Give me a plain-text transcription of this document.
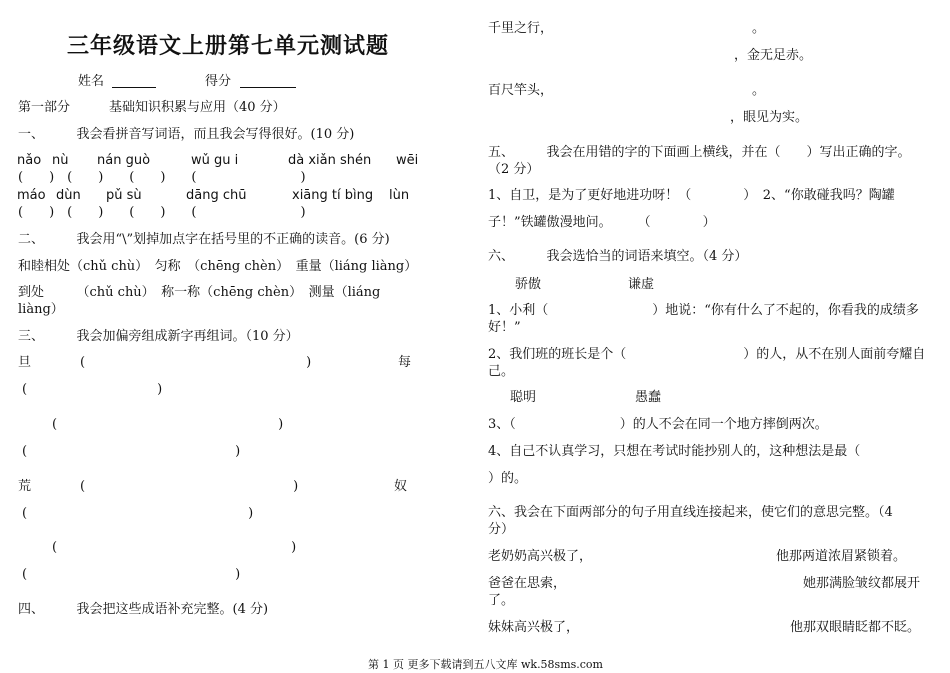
三年级语文上册第七单元测试题
姓名	得分
第一部分　　　基础知识积累与应用（40 分）
一、　　　我会看拼音写词语，而且我会写得很好。(10 分)
nǎo nù nán guò	wǔ gu i	dà xiǎn shén wēi
(　　)　(　　)　　(　　)　　(　　　　　　　　)
máo dùn pǔ sù	dāng chū	xiāng tí bìng lùn
(　　)　(　　)　　(　　)　　(　　　　　　　　)
二、　　　我会用“\”划掉加点字在括号里的不正确的读音。(6 分)
和睦相处（chǔ chù）　匀称　（chēng chèn）　重量（liáng liàng）
到处　　　（chǔ chù）　称一称（chēng chèn）　测量（liáng
liàng）
三、　　　我会加偏旁组成新字再组词。（10 分）
旦	(　　　　　　　　　　　　　　　　　)	每
(　　　　　　　　　　)
(　　　　　　　　　　　　　　　　　)
(　　　　　　　　　　　　　　　　)
荒	(　　　　　　　　　　　　　　　　)	奴
(　　　　　　　　　　　　　　　　　)
(　　　　　　　　　　　　　　　　　　)
(　　　　　　　　　　　　　　　　)
四、　　　我会把这些成语补充完整。(4 分)
千里之行，	。
，金无足赤。
百尺竿头，	。
，眼见为实。
五、　　　我会在用错的字的下面画上横线，并在（　　）写出正确的字。
（2 分）
1、自卫，是为了更好地进功呀！（　　　　）　2、“你敢碰我吗？陶罐
子！”铁罐傲漫地问。　　　（　　　　）
六、　　　我会选恰当的词语来填空。（4 分）
骄傲	谦虚
1、小利（　　　　　　　　）地说：“你有什么了不起的，你看我的成绩多
好！”
2、我们班的班长是个（　　　　　　　　　）的人，从不在别人面前夸耀自
己。
聪明	愚蠢
3、（　　　　　　　　）的人不会在同一个地方摔倒两次。
4、自己不认真学习，只想在考试时能抄别人的，这种想法是最（
）的。
六、我会在下面两部分的句子用直线连接起来，使它们的意思完整。（4
分）
老奶奶高兴极了，	他那两道浓眉紧锁着。
爸爸在思索，	她那满脸皱纹都展开
了。
妹妹高兴极了，	他那双眼睛眨都不眨。
第 1 页 更多下载请到五八文库 wk.58sms.com
